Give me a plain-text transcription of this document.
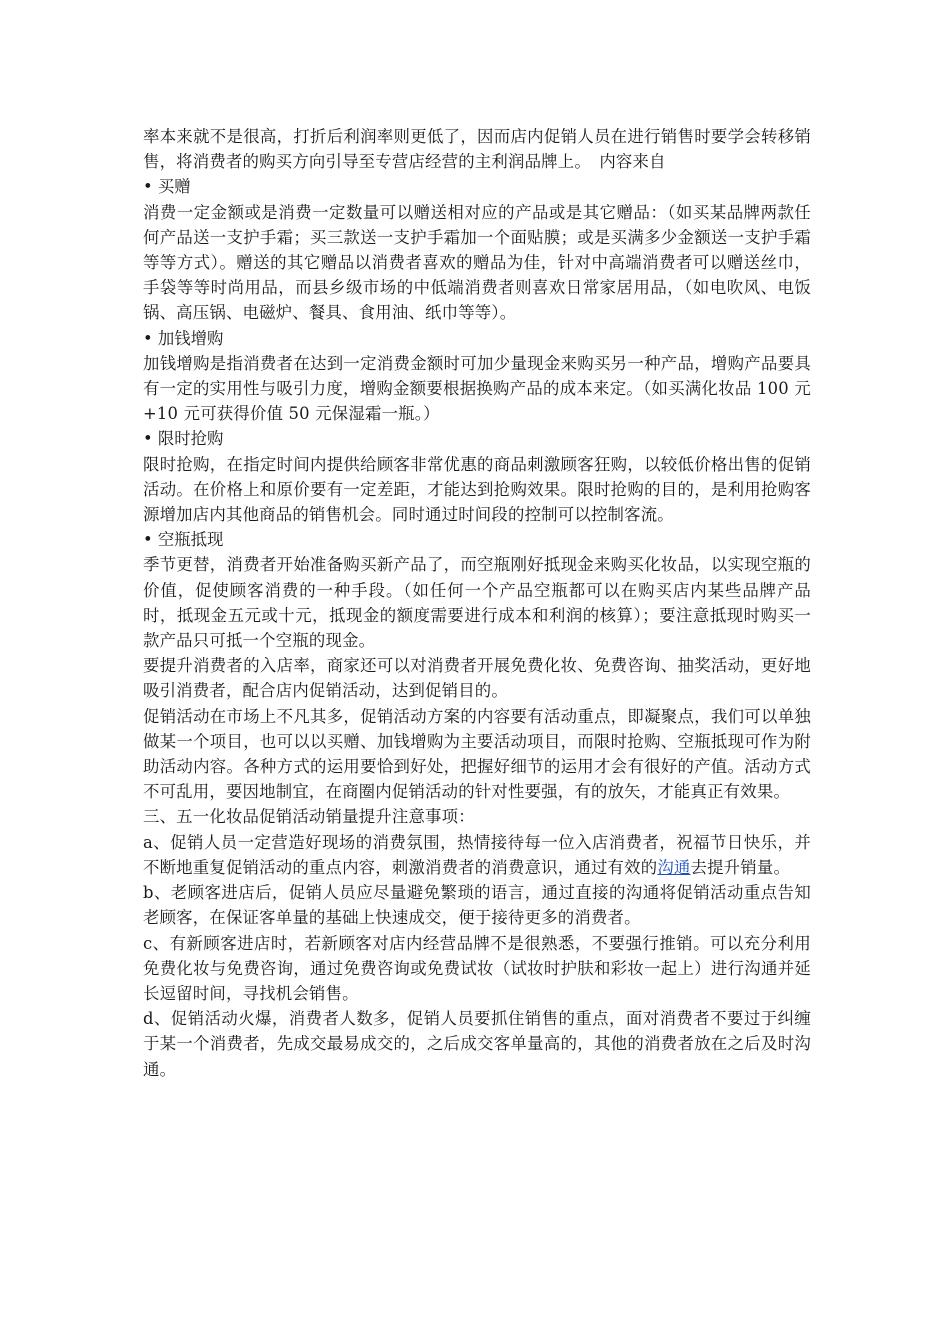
率本来就不是很高，打折后利润率则更低了，因而店内促销人员在进行销售时要学会转移销售，将消费者的购买方向引导至专营店经营的主利润品牌上。　内容来自

• 买赠

消费一定金额或是消费一定数量可以赠送相对应的产品或是其它赠品：（如买某品牌两款任何产品送一支护手霜；买三款送一支护手霜加一个面贴膜；或是买满多少金额送一支护手霜等等方式）。赠送的其它赠品以消费者喜欢的赠品为佳，针对中高端消费者可以赠送丝巾，手袋等等时尚用品，而县乡级市场的中低端消费者则喜欢日常家居用品，（如电吹风、电饭锅、高压锅、电磁炉、餐具、食用油、纸巾等等）。

• 加钱增购

加钱增购是指消费者在达到一定消费金额时可加少量现金来购买另一种产品，增购产品要具有一定的实用性与吸引力度，增购金额要根据换购产品的成本来定。（如买满化妆品 100 元+10 元可获得价值 50 元保湿霜一瓶。）

• 限时抢购

限时抢购，在指定时间内提供给顾客非常优惠的商品刺激顾客狂购，以较低价格出售的促销活动。在价格上和原价要有一定差距，才能达到抢购效果。限时抢购的目的，是利用抢购客源增加店内其他商品的销售机会。同时通过时间段的控制可以控制客流。

• 空瓶抵现

季节更替，消费者开始准备购买新产品了，而空瓶刚好抵现金来购买化妆品，以实现空瓶的价值，促使顾客消费的一种手段。（如任何一个产品空瓶都可以在购买店内某些品牌产品时，抵现金五元或十元，抵现金的额度需要进行成本和利润的核算）；要注意抵现时购买一款产品只可抵一个空瓶的现金。

要提升消费者的入店率，商家还可以对消费者开展免费化妆、免费咨询、抽奖活动，更好地吸引消费者，配合店内促销活动，达到促销目的。

促销活动在市场上不凡其多，促销活动方案的内容要有活动重点，即凝聚点，我们可以单独做某一个项目，也可以以买赠、加钱增购为主要活动项目，而限时抢购、空瓶抵现可作为附助活动内容。各种方式的运用要恰到好处，把握好细节的运用才会有很好的产值。活动方式不可乱用，要因地制宜，在商圈内促销活动的针对性要强，有的放矢，才能真正有效果。

三、五一化妆品促销活动销量提升注意事项：

a、促销人员一定营造好现场的消费氛围，热情接待每一位入店消费者，祝福节日快乐，并不断地重复促销活动的重点内容，刺激消费者的消费意识，通过有效的沟通去提升销量。

b、老顾客进店后，促销人员应尽量避免繁琐的语言，通过直接的沟通将促销活动重点告知老顾客，在保证客单量的基础上快速成交，便于接待更多的消费者。

c、有新顾客进店时，若新顾客对店内经营品牌不是很熟悉，不要强行推销。可以充分利用免费化妆与免费咨询，通过免费咨询或免费试妆（试妆时护肤和彩妆一起上）进行沟通并延长逗留时间，寻找机会销售。

d、促销活动火爆，消费者人数多，促销人员要抓住销售的重点，面对消费者不要过于纠缠于某一个消费者，先成交最易成交的，之后成交客单量高的，其他的消费者放在之后及时沟通。
